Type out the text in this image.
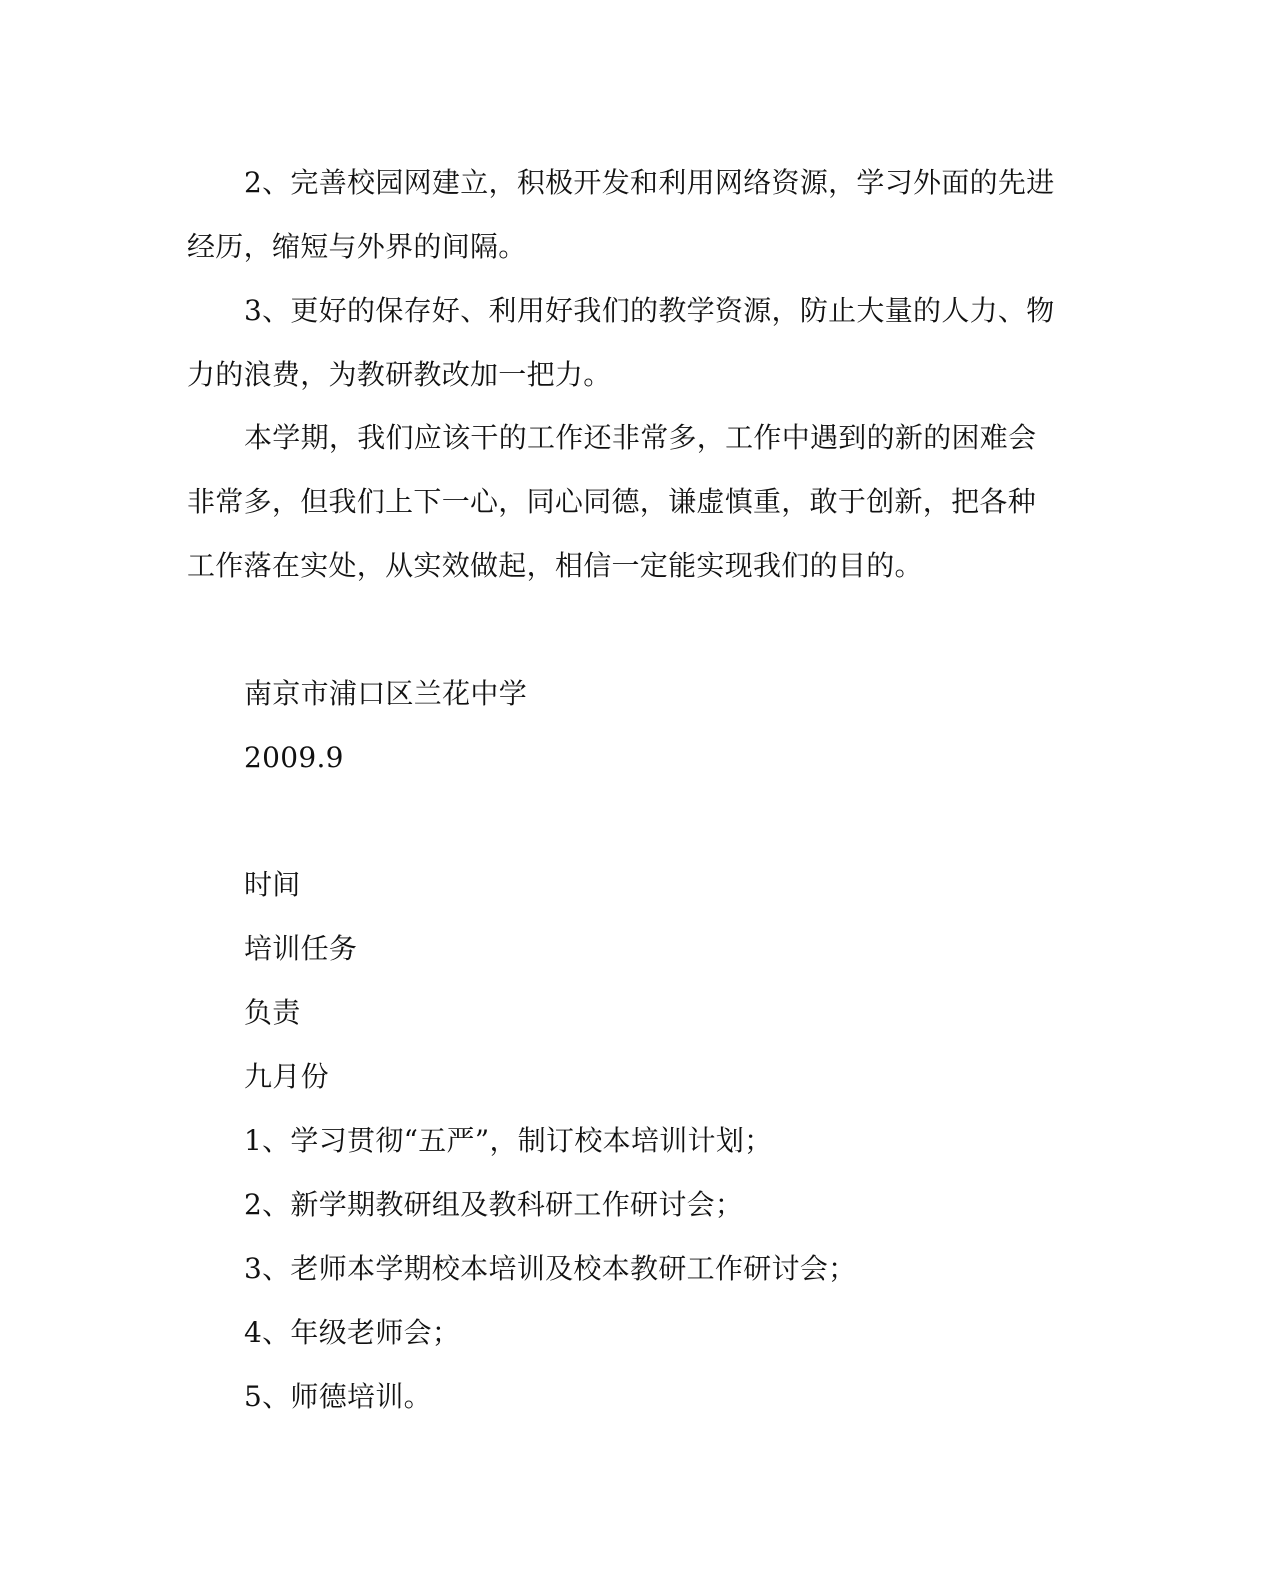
2、完善校园网建立，积极开发和利用网络资源，学习外面的先进
经历，缩短与外界的间隔。
3、更好的保存好、利用好我们的教学资源，防止大量的人力、物
力的浪费，为教研教改加一把力。
本学期，我们应该干的工作还非常多，工作中遇到的新的困难会
非常多，但我们上下一心，同心同德，谦虚慎重，敢于创新，把各种
工作落在实处，从实效做起，相信一定能实现我们的目的。
南京市浦口区兰花中学
2009.9
时间
培训任务
负责
九月份
1、学习贯彻“五严”，制订校本培训计划；
2、新学期教研组及教科研工作研讨会；
3、老师本学期校本培训及校本教研工作研讨会；
4、年级老师会；
5、师德培训。
